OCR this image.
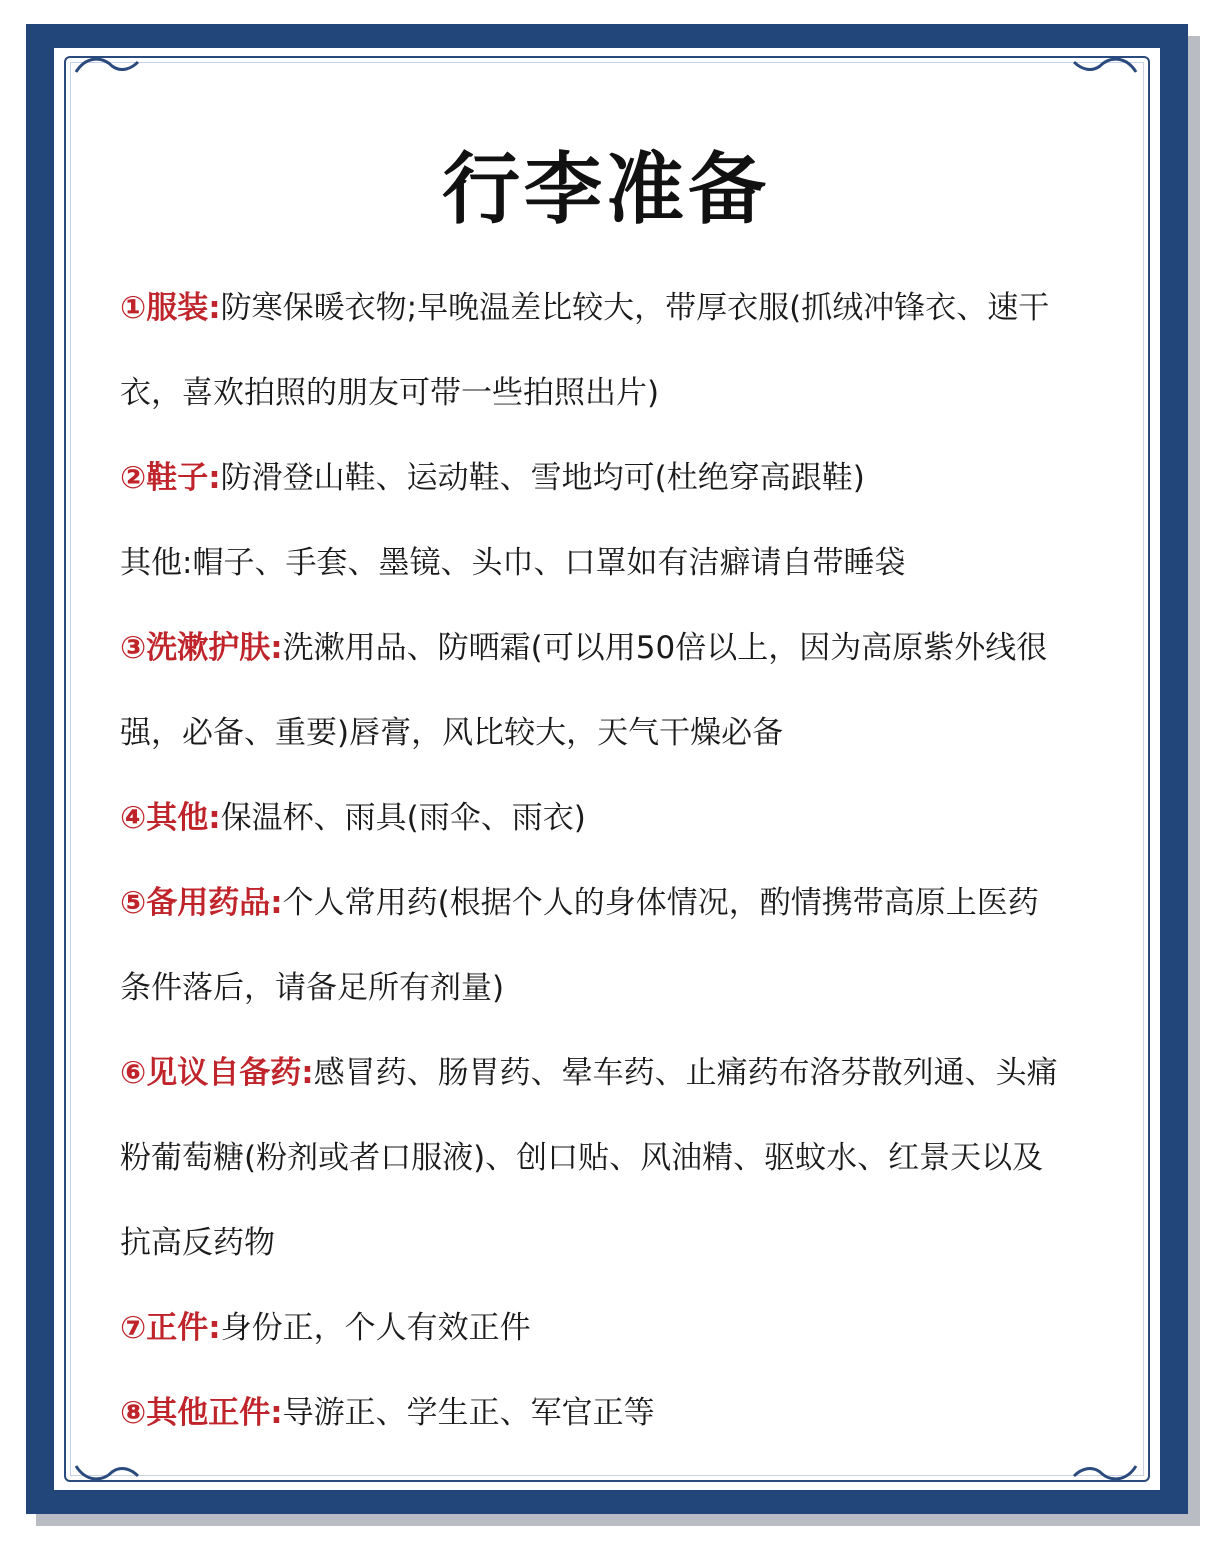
行李准备
①服装:防寒保暖衣物;早晚温差比较大，带厚衣服(抓绒冲锋衣、速干
衣，喜欢拍照的朋友可带一些拍照出片)
②鞋子:防滑登山鞋、运动鞋、雪地均可(杜绝穿高跟鞋)
其他:帽子、手套、墨镜、头巾、口罩如有洁癖请自带睡袋
③洗漱护肤:洗漱用品、防晒霜(可以用50倍以上，因为高原紫外线很
强，必备、重要)唇膏，风比较大，天气干燥必备
④其他:保温杯、雨具(雨伞、雨衣)
⑤备用药品:个人常用药(根据个人的身体情况，酌情携带高原上医药
条件落后，请备足所有剂量)
⑥见议自备药:感冒药、肠胃药、晕车药、止痛药布洛芬散列通、头痛
粉葡萄糖(粉剂或者口服液)、创口贴、风油精、驱蚊水、红景天以及
抗高反药物
⑦正件:身份正，个人有效正件
⑧其他正件:导游正、学生正、军官正等
